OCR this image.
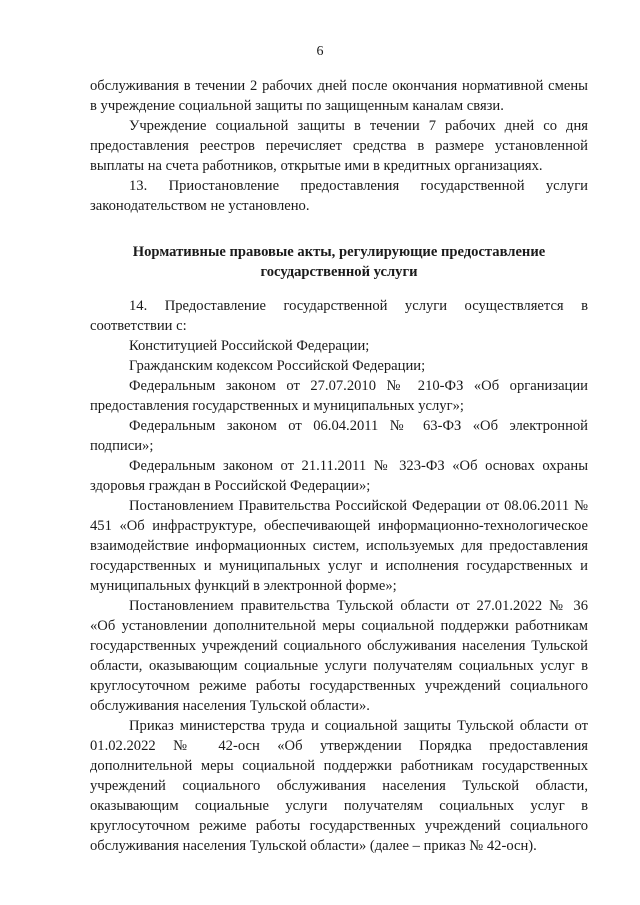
6

обслуживания в течении 2 рабочих дней после окончания нормативной смены в учреждение социальной защиты по защищенным каналам связи.

Учреждение социальной защиты в течении 7 рабочих дней со дня предоставления реестров перечисляет средства в размере установленной выплаты на счета работников, открытые ими в кредитных организациях.

13. Приостановление предоставления государственной услуги законодательством не установлено.

Нормативные правовые акты, регулирующие предоставление государственной услуги

14. Предоставление государственной услуги осуществляется в соответствии с:

Конституцией Российской Федерации;

Гражданским кодексом Российской Федерации;

Федеральным законом от 27.07.2010 № 210-ФЗ «Об организации предоставления государственных и муниципальных услуг»;

Федеральным законом от 06.04.2011 № 63-ФЗ «Об электронной подписи»;

Федеральным законом от 21.11.2011 № 323-ФЗ «Об основах охраны здоровья граждан в Российской Федерации»;

Постановлением Правительства Российской Федерации от 08.06.2011 № 451 «Об инфраструктуре, обеспечивающей информационно-технологическое взаимодействие информационных систем, используемых для предоставления государственных и муниципальных услуг и исполнения государственных и муниципальных функций в электронной форме»;

Постановлением правительства Тульской области от 27.01.2022 № 36 «Об установлении дополнительной меры социальной поддержки работникам государственных учреждений социального обслуживания населения Тульской области, оказывающим социальные услуги получателям социальных услуг в круглосуточном режиме работы государственных учреждений социального обслуживания населения Тульской области».

Приказ министерства труда и социальной защиты Тульской области от 01.02.2022 № 42-осн «Об утверждении Порядка предоставления дополнительной меры социальной поддержки работникам государственных учреждений социального обслуживания населения Тульской области, оказывающим социальные услуги получателям социальных услуг в круглосуточном режиме работы государственных учреждений социального обслуживания населения Тульской области» (далее – приказ № 42-осн).
